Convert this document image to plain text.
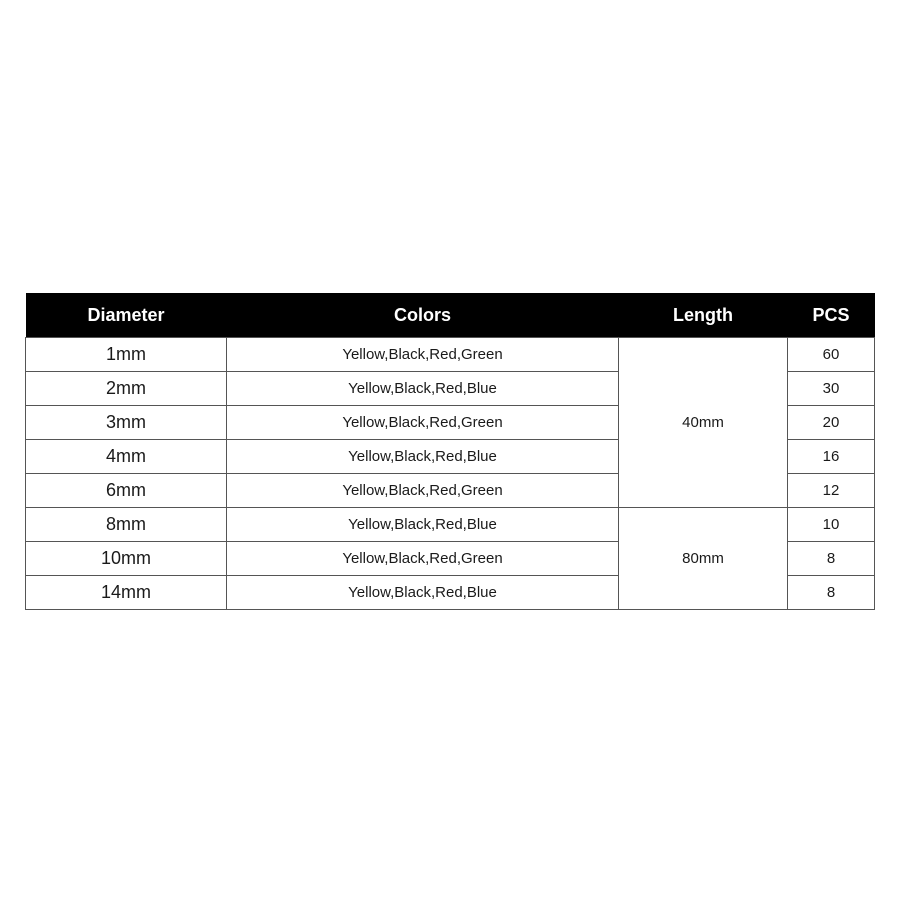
Diameter	Colors	Length	PCS
1mm	Yellow,Black,Red,Green	40mm	60
2mm	Yellow,Black,Red,Blue		30
3mm	Yellow,Black,Red,Green		20
4mm	Yellow,Black,Red,Blue		16
6mm	Yellow,Black,Red,Green		12
8mm	Yellow,Black,Red,Blue	80mm	10
10mm	Yellow,Black,Red,Green		8
14mm	Yellow,Black,Red,Blue		8
